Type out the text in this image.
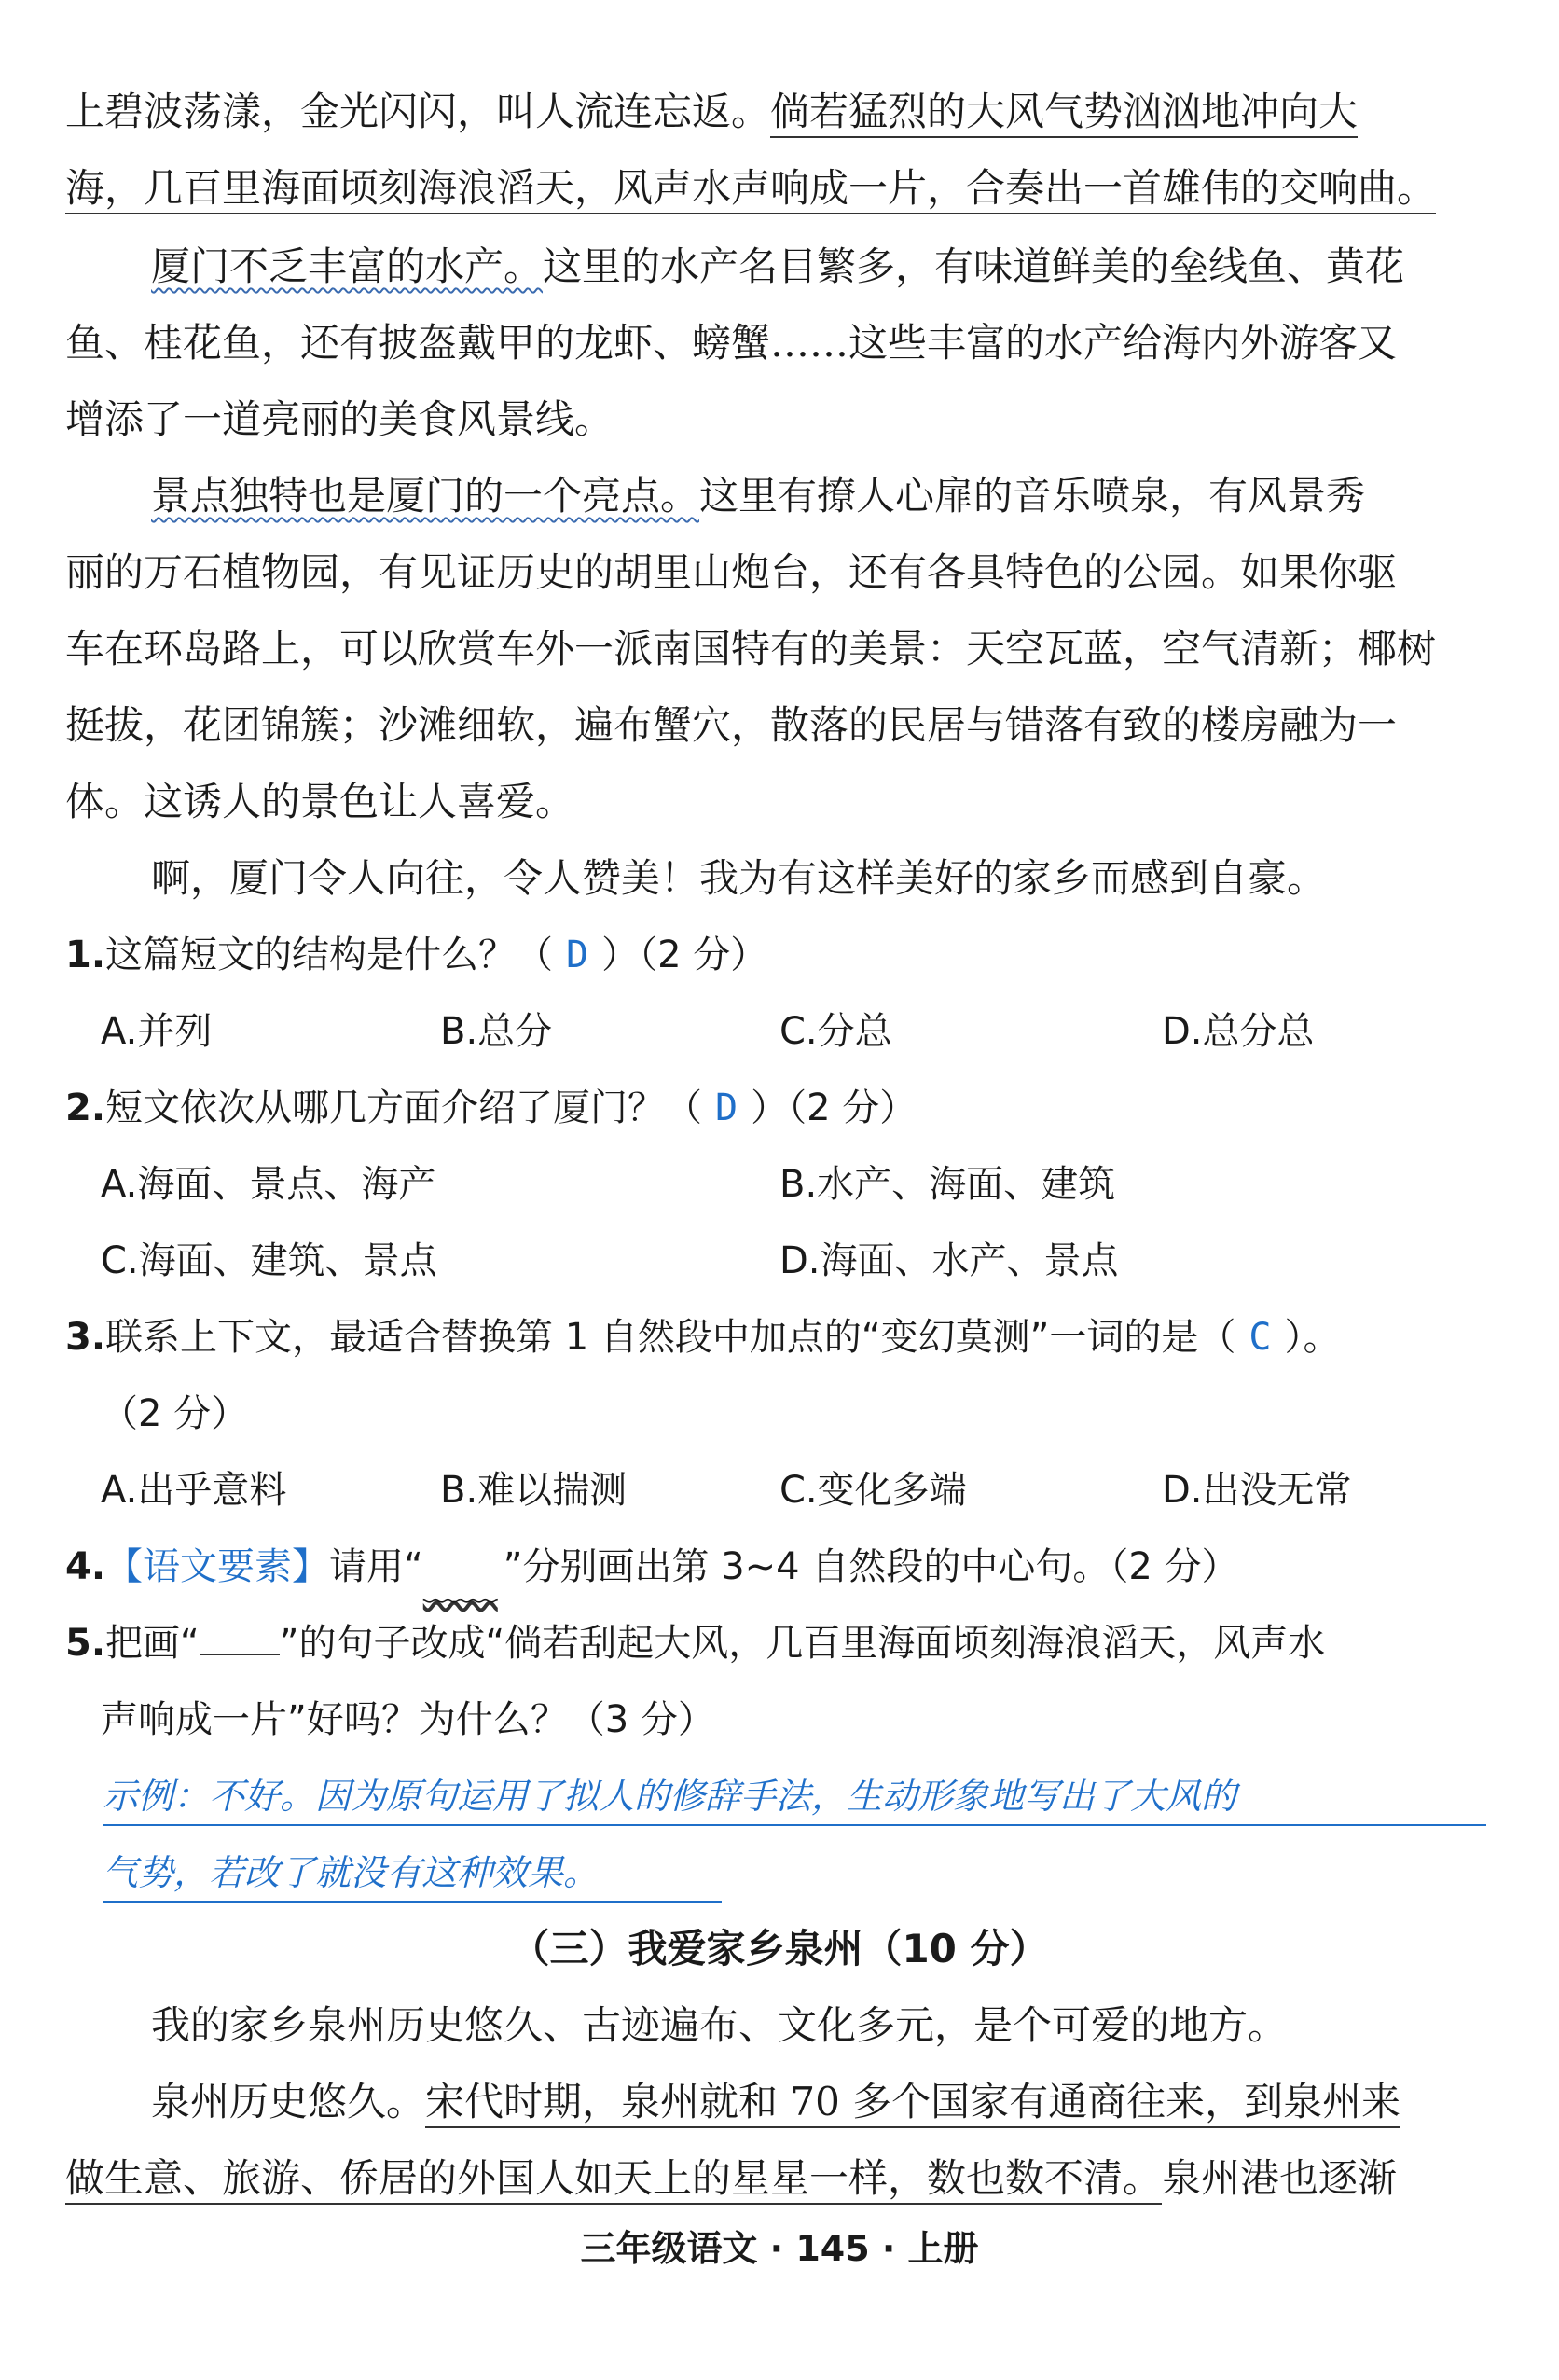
上碧波荡漾，金光闪闪，叫人流连忘返。倘若猛烈的大风气势汹汹地冲向大
海，几百里海面顷刻海浪滔天，风声水声响成一片，合奏出一首雄伟的交响曲。
厦门不乏丰富的水产。这里的水产名目繁多，有味道鲜美的垒线鱼、黄花
鱼、桂花鱼，还有披盔戴甲的龙虾、螃蟹……这些丰富的水产给海内外游客又
增添了一道亮丽的美食风景线。
景点独特也是厦门的一个亮点。这里有撩人心扉的音乐喷泉，有风景秀
丽的万石植物园，有见证历史的胡里山炮台，还有各具特色的公园。如果你驱
车在环岛路上，可以欣赏车外一派南国特有的美景：天空瓦蓝，空气清新；椰树
挺拔，花团锦簇；沙滩细软，遍布蟹穴，散落的民居与错落有致的楼房融为一
体。这诱人的景色让人喜爱。
啊，厦门令人向往，令人赞美！我为有这样美好的家乡而感到自豪。
1.这篇短文的结构是什么？（ D ）（2 分）
A.并列	B.总分	C.分总	D.总分总
2.短文依次从哪几方面介绍了厦门？（ D ）（2 分）
A.海面、景点、海产	B.水产、海面、建筑
C.海面、建筑、景点	D.海面、水产、景点
3.联系上下文，最适合替换第 1 自然段中加点的“变幻莫测”一词的是（ C ）。
（2 分）
A.出乎意料	B.难以揣测	C.变化多端	D.出没无常
4.【语文要素】请用“﹏﹏ ”分别画出第 3~4 自然段的中心句。（2 分）
5.把画“ ”的句子改成“倘若刮起大风，几百里海面顷刻海浪滔天，风声水
声响成一片”好吗？为什么？（3 分）
示例：不好。因为原句运用了拟人的修辞手法，生动形象地写出了大风的
气势，若改了就没有这种效果。
（三）我爱家乡泉州（10 分）
我的家乡泉州历史悠久、古迹遍布、文化多元，是个可爱的地方。
泉州历史悠久。宋代时期，泉州就和 70 多个国家有通商往来，到泉州来
做生意、旅游、侨居的外国人如天上的星星一样，数也数不清。泉州港也逐渐
三年级语文 · 145 · 上册
